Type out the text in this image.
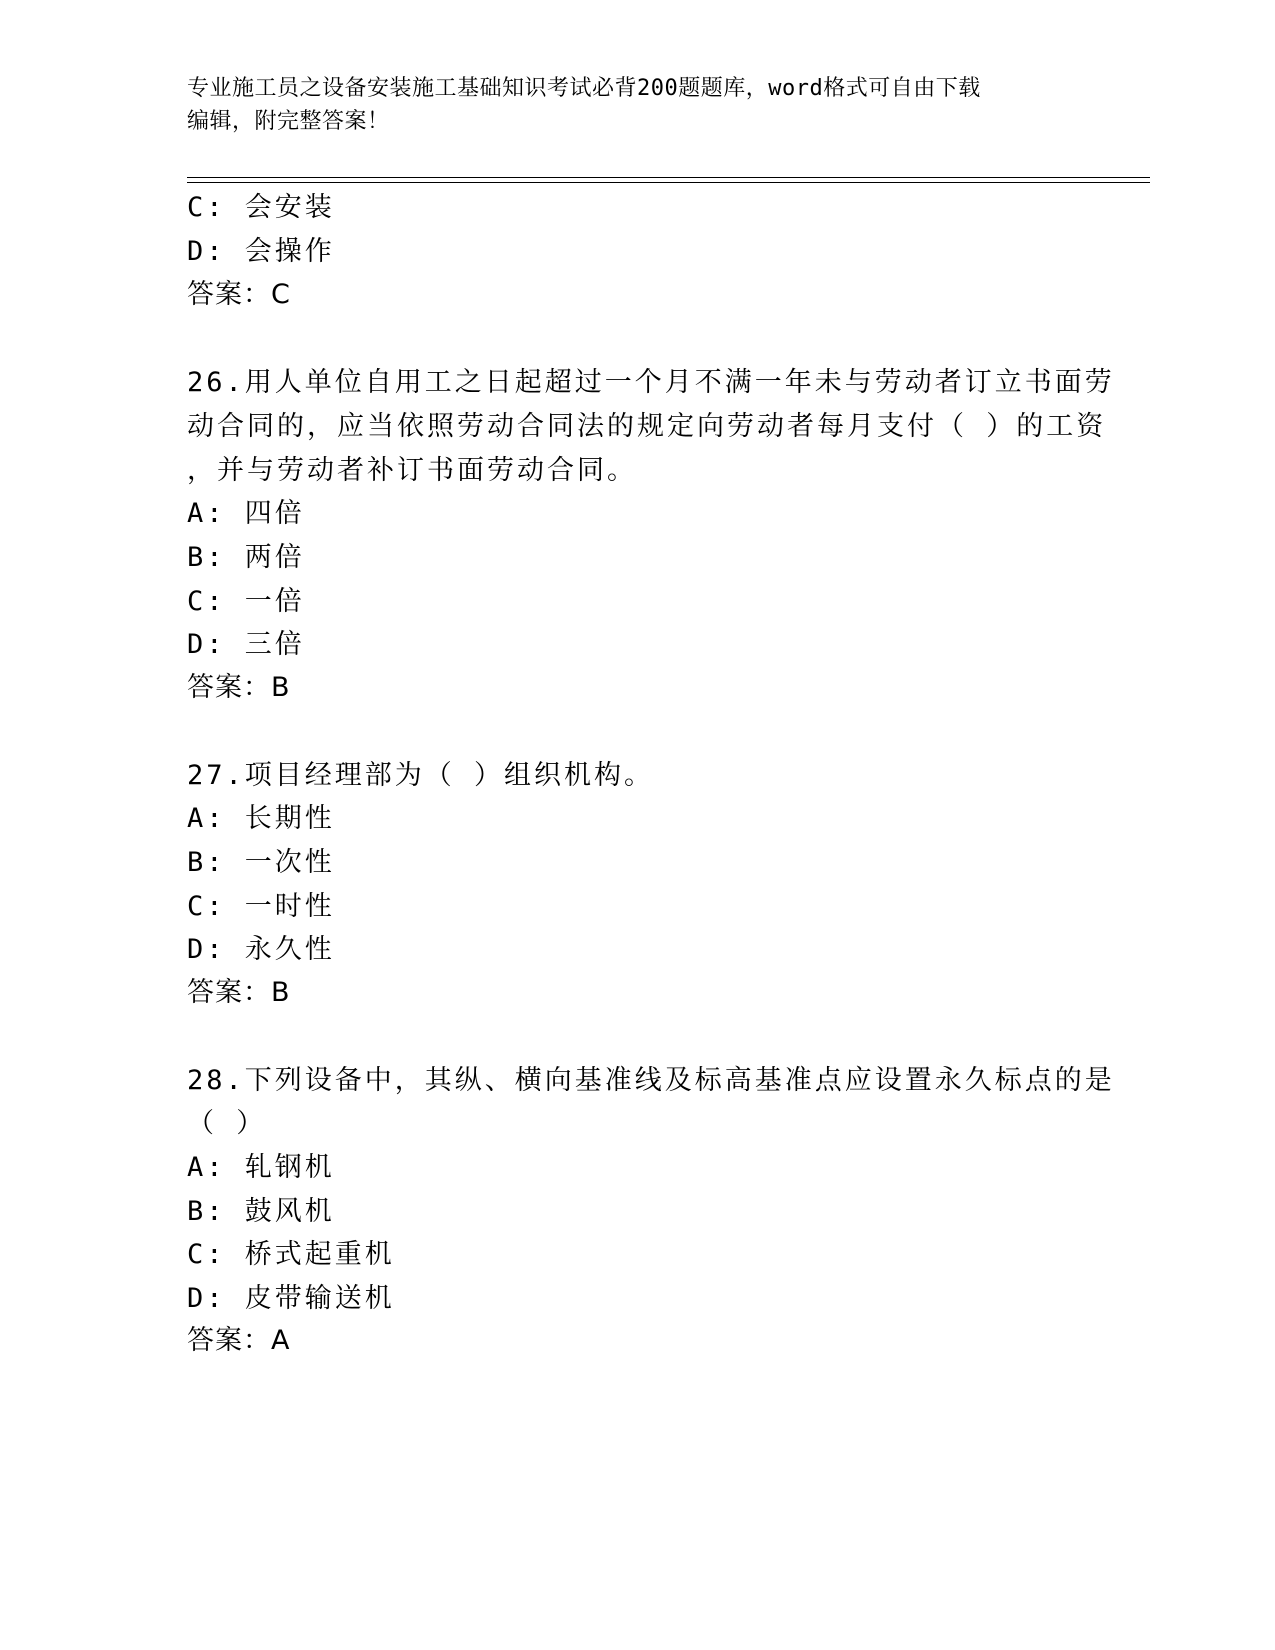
专业施工员之设备安装施工基础知识考试必背200题题库，word格式可自由下载
编辑，附完整答案！
C: 会安装
D: 会操作
答案：C
26.用人单位自用工之日起超过一个月不满一年未与劳动者订立书面劳
动合同的，应当依照劳动合同法的规定向劳动者每月支付（ ）的工资
，并与劳动者补订书面劳动合同。
A: 四倍
B: 两倍
C: 一倍
D: 三倍
答案：B
27.项目经理部为（ ）组织机构。
A: 长期性
B: 一次性
C: 一时性
D: 永久性
答案：B
28.下列设备中，其纵、横向基准线及标高基准点应设置永久标点的是
（ ）
A: 轧钢机
B: 鼓风机
C: 桥式起重机
D: 皮带输送机
答案：A
